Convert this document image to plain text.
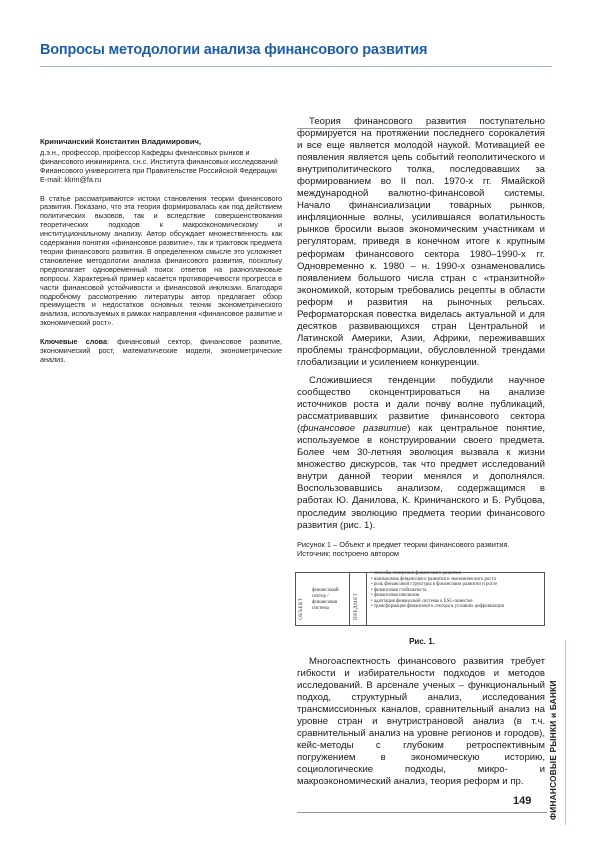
Вопросы методологии анализа финансового развития
Криничанский Константин Владимирович,

д.э.н., профессор, профессор Кафедры финансовых рынков и финансового инжиниринга, г.н.с. Института финансовых исследований Финансового университета при Правительстве Российской Федерации

E-mail: kkrin@fa.ru

В статье рассматриваются истоки становления теории финансового развития. Показано, что эта теория формировалась как под действием политических вызовов, так и вследствие совершенствования теоретических подходов к макроэкономическому и институциональному анализу. Автор обсуждает множественность как содержания понятия «финансовое развитие», так и трактовок предмета теории финансового развития. В определенном смысле это усложняет становление методологии анализа финансового развития, поскольку предполагает одновременный поиск ответов на разноплановые вопросы. Характерный пример касается противоречивости прогресса в части финансовой устойчивости и финансовой инклюзии. Благодаря подробному рассмотрению литературы автор предлагает обзор преимуществ и недостатков основных техник эконометрического анализа, используемых в рамках направления «финансовое развитие и экономический рост».

Ключевые слова: финансовый сектор, финансовое развитие, экономический рост, математические модели, эконометрические анализ.

Теория финансового развития поступательно формируется на протяжении последнего сорокалетия и все еще является молодой наукой. Мотивацией ее появления является цепь событий геополитического и внутриполитического толка, последовавших за формированием во II пол. 1970-х гг. Ямайской международной валютно-финансовой системы. Начало финансиализации товарных рынков, инфляционные волны, усилившаяся волатильность рынков бросили вызов экономическим участникам и регуляторам, приведя в конечном итоге к крупным реформам финансового сектора 1980–1990-х гг. Одновременно к. 1980 – н. 1990-х ознаменовались появлением большого числа стран с «транзитной» экономикой, которым требовались рецепты в области реформ и развития на рыночных рельсах. Реформаторская повестка виделась актуальной и для десятков развивающихся стран Центральной и Латинской Америки, Азии, Африки, переживавших проблемы трансформации, обусловленной трендами глобализации и усилением конкуренции.

Сложившиеся тенденции побудили научное сообщество сконцентрироваться на анализе источников роста и дали почву волне публикаций, рассматривавших развитие финансового сектора (финансовое развитие) как центральное понятие, используемое в конструировании своего предмета. Более чем 30-летняя эволюция вызвала к жизни множество дискурсов, так что предмет исследований внутри данной теории менялся и дополнялся. Воспользовавшись анализом, содержащимся в работах Ю. Данилова, К. Криничанского и Б. Рубцова, проследим эволюцию предмета теории финансового развития (рис. 1).

Рисунок 1 – Объект и предмет теории финансового развития.
Источник: построено автором
ОБЪЕКТ
финансовый сектор / финансовая система	ПРЕДМЕТ
• способы измерения финансового развития
• взаимосвязь финансового развития и экономического роста
• роль финансовой структуры в финансовом развитии и росте
• финансовая стабильность
• финансовая инклюзия
• адаптация финансовой системы к ESG-повестке
• трансформация финансового сектора в условиях цифровизации
Рис. 1.

Многоаспектность финансового развития требует гибкости и избирательности подходов и методов исследований. В арсенале ученых – функциональный подход, структурный анализ, исследования трансмиссионных каналов, сравнительный анализ на уровне стран и внутристрановой анализ (в т.ч. сравнительный анализ на уровне регионов и городов), кейс-методы с глубоким ретроспективным погружением в экономическую историю, социологические подходы, микро- и макроэкономический анализ, теория реформ и пр.	ФИНАНСОВЫЕ РЫНКИ и БАНКИ
149
